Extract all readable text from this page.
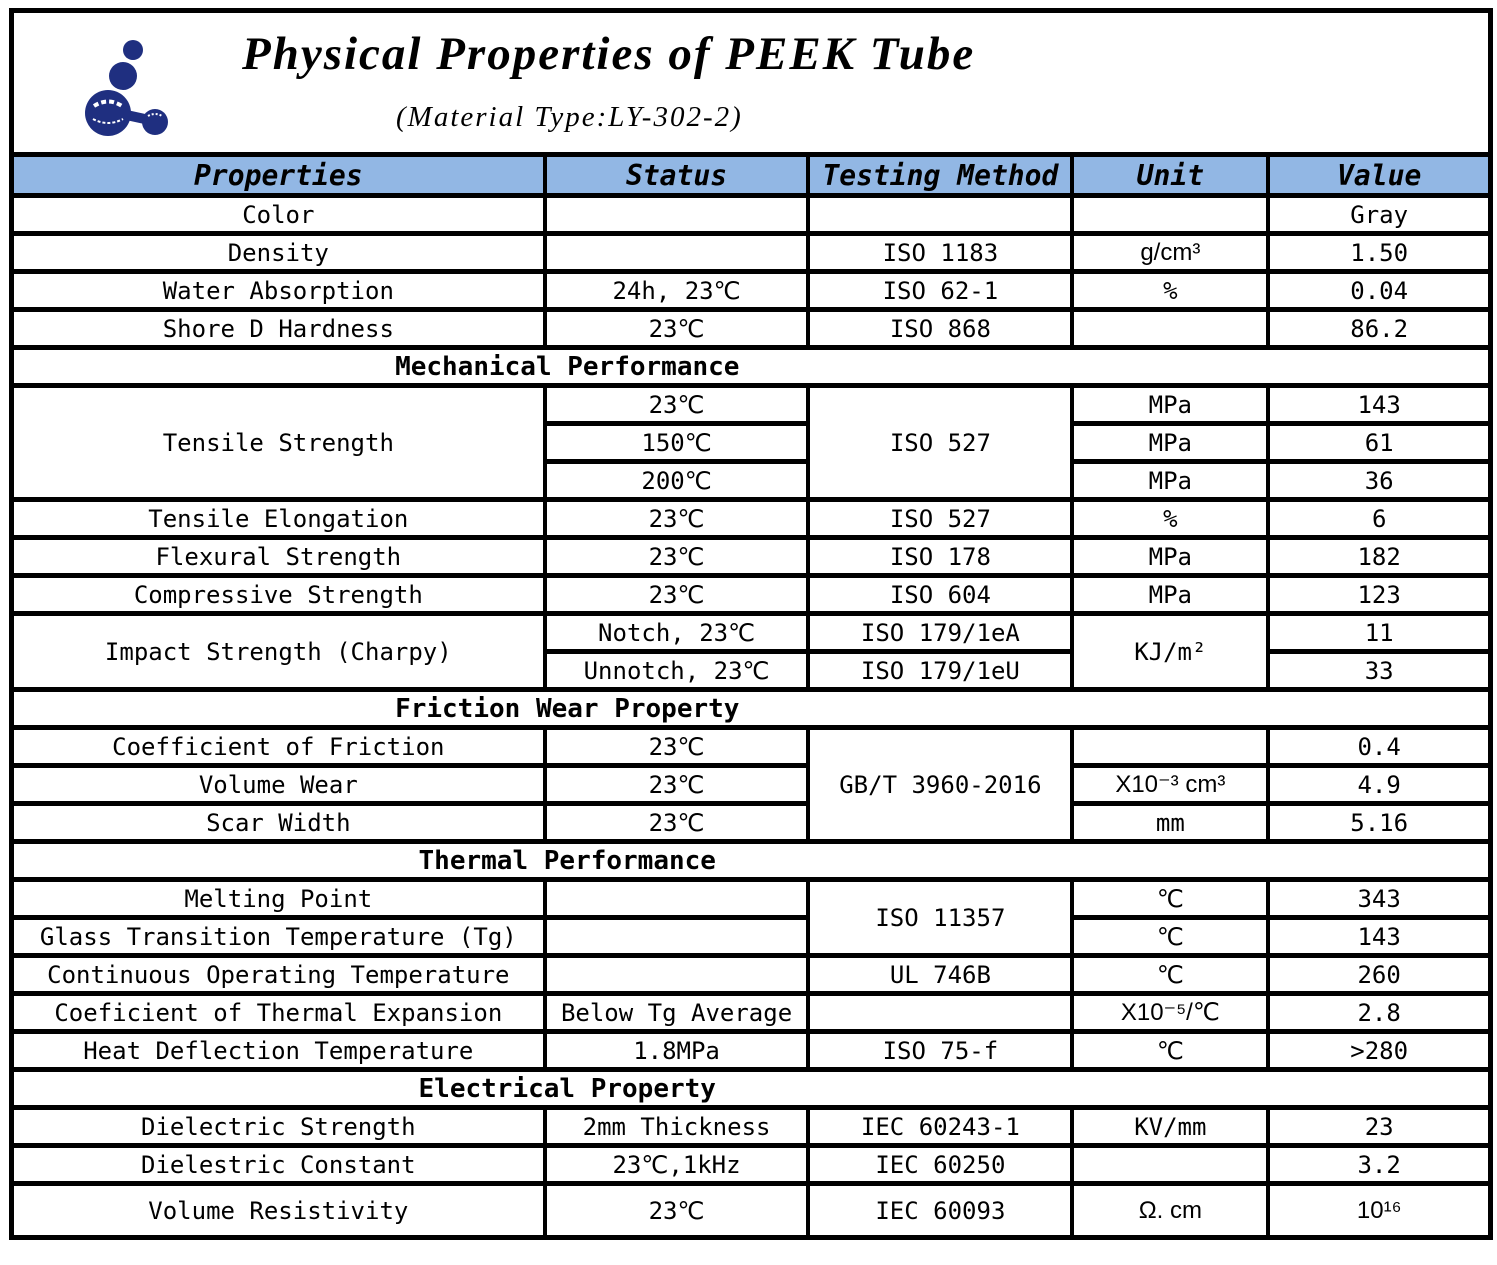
Physical Properties of PEEK Tube
(Material Type:LY-302-2)
Properties	Status	Testing Method	Unit	Value
Color				Gray
Density		ISO 1183	g/cm³	1.50
Water Absorption	24h, 23℃	ISO 62-1	%	0.04
Shore D Hardness	23℃	ISO 868		86.2

Mechanical Performance				

Tensile Strength	23℃	ISO 527	MPa	143
	150℃		MPa	61
	200℃		MPa	36
Tensile Elongation	23℃	ISO 527	%	6
Flexural Strength	23℃	ISO 178	MPa	182
Compressive Strength	23℃	ISO 604	MPa	123
Impact Strength (Charpy)	Notch, 23℃	ISO 179/1eA	KJ/m²	11
	Unnotch, 23℃	ISO 179/1eU		33

Friction Wear Property				

Coefficient of Friction	23℃	GB/T 3960-2016		0.4
Volume Wear	23℃		X10⁻³ cm³	4.9
Scar Width	23℃		mm	5.16

Thermal Performance				

Melting Point		ISO 11357	℃	343
Glass Transition Temperature (Tg)			℃	143
Continuous Operating Temperature		UL 746B	℃	260
Coeficient of Thermal Expansion	Below Tg Average		X10⁻⁵/℃	2.8
Heat Deflection Temperature	1.8MPa	ISO 75-f	℃	>280

Electrical Property				

Dielectric Strength	2mm Thickness	IEC 60243-1	KV/mm	23
Dielestric Constant	23℃,1kHz	IEC 60250		3.2
Volume Resistivity	23℃	IEC 60093	Ω. cm	10¹⁶
